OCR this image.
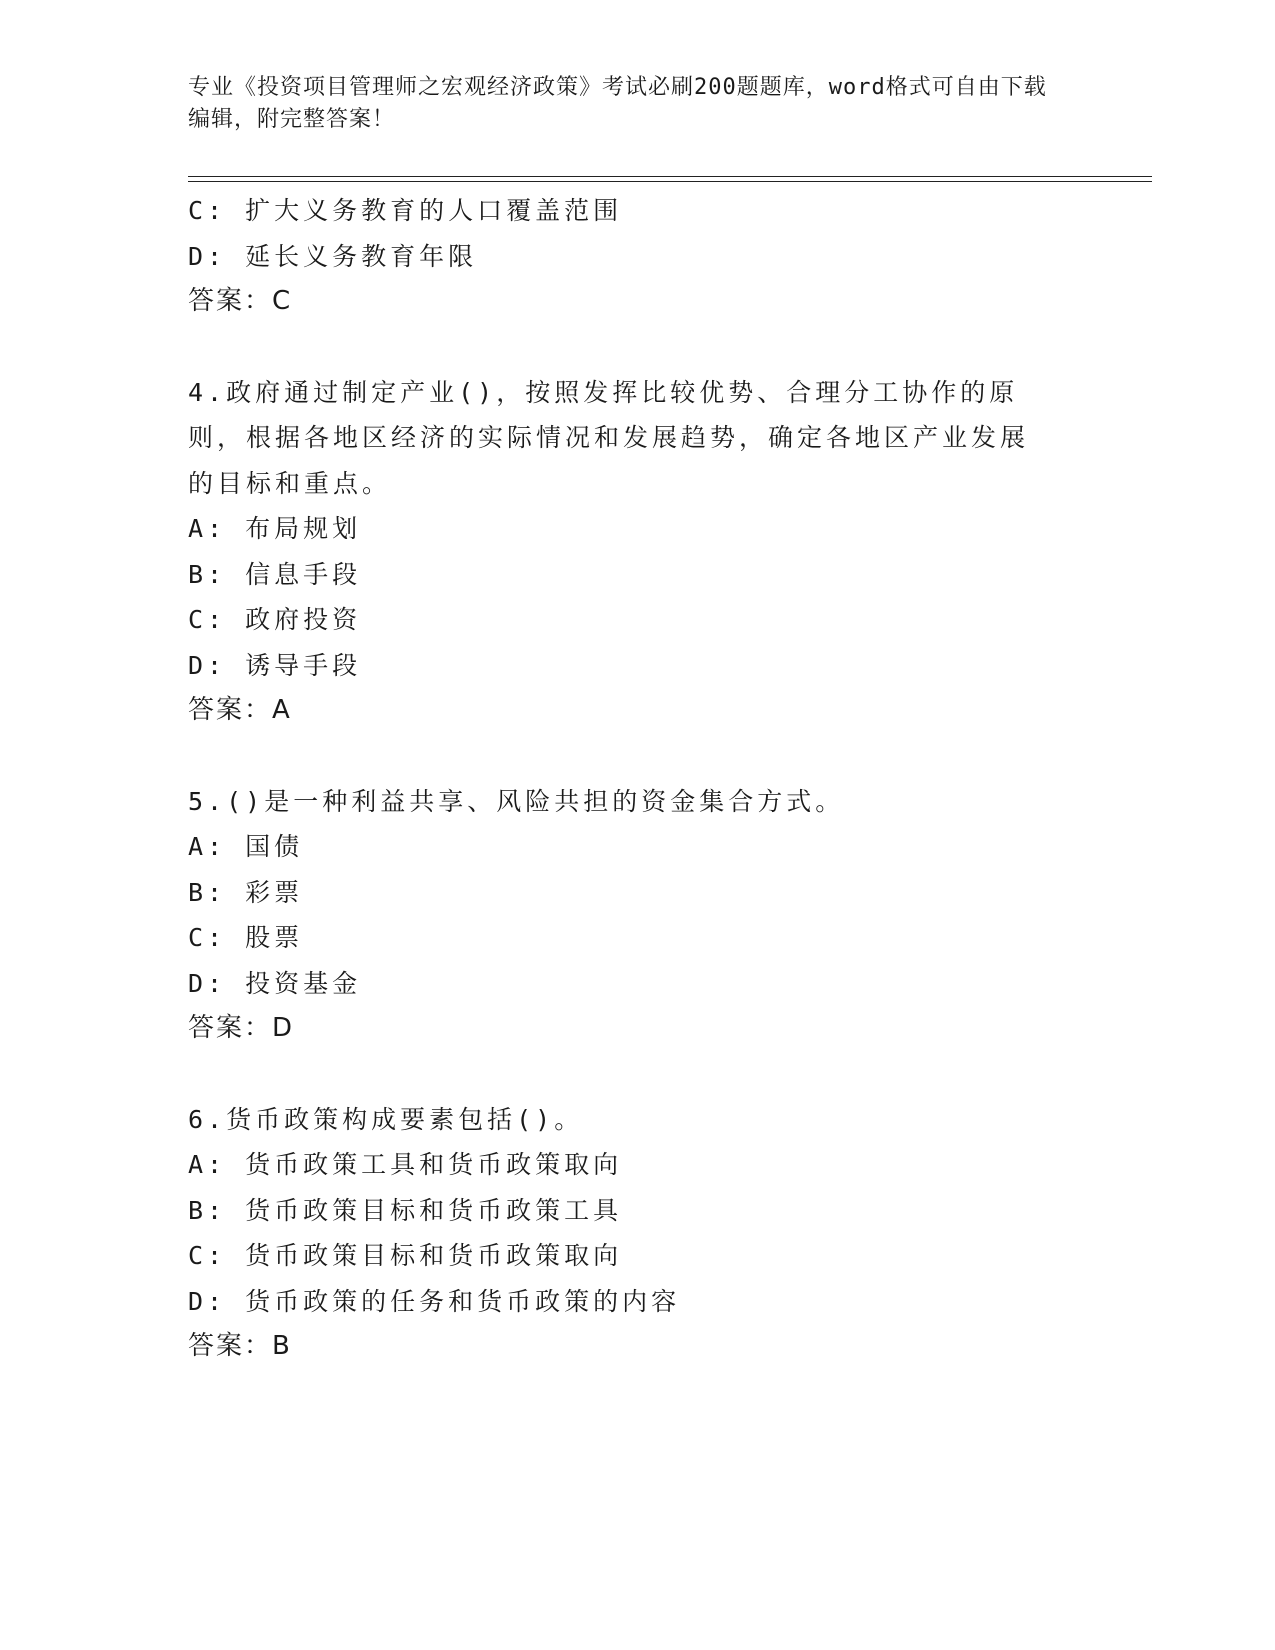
专业《投资项目管理师之宏观经济政策》考试必刷200题题库，word格式可自由下载编辑，附完整答案！
C: 扩大义务教育的人口覆盖范围
D: 延长义务教育年限
答案：C
4.政府通过制定产业()，按照发挥比较优势、合理分工协作的原则，根据各地区经济的实际情况和发展趋势，确定各地区产业发展的目标和重点。
A: 布局规划
B: 信息手段
C: 政府投资
D: 诱导手段
答案：A
5.()是一种利益共享、风险共担的资金集合方式。
A: 国债
B: 彩票
C: 股票
D: 投资基金
答案：D
6.货币政策构成要素包括()。
A: 货币政策工具和货币政策取向
B: 货币政策目标和货币政策工具
C: 货币政策目标和货币政策取向
D: 货币政策的任务和货币政策的内容
答案：B
